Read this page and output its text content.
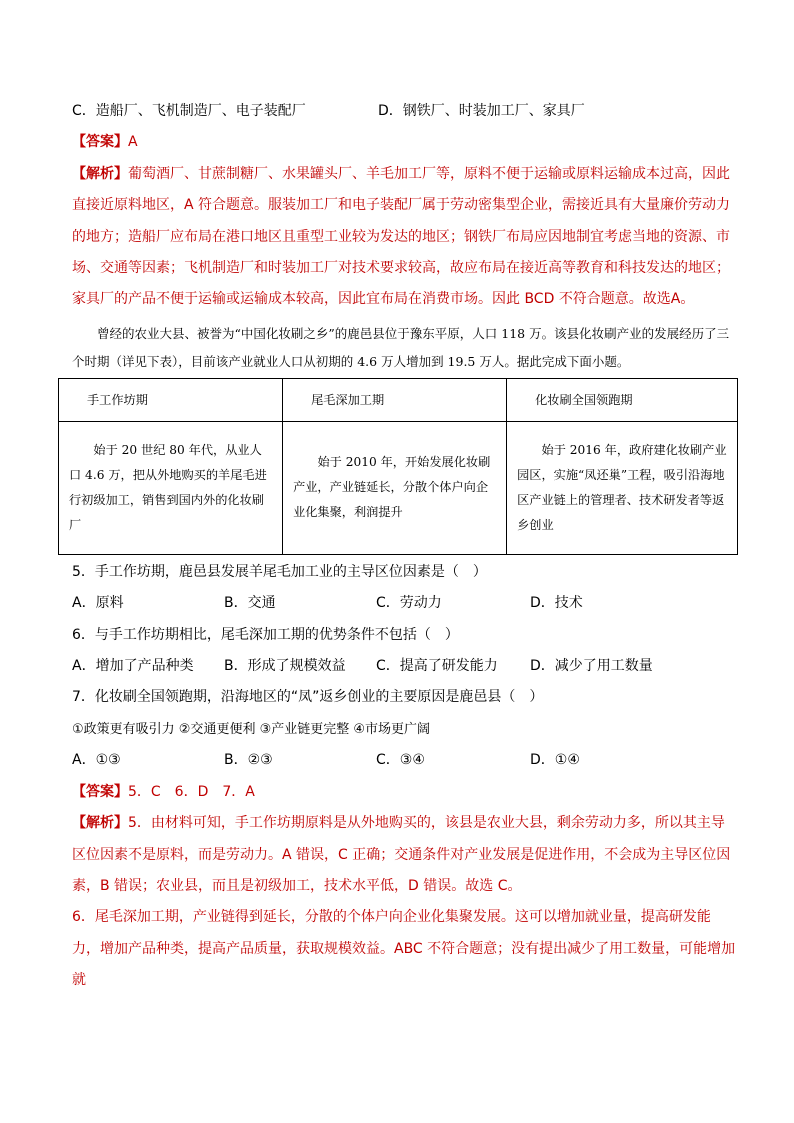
C．造船厂、飞机制造厂、电子装配厂	D．钢铁厂、时装加工厂、家具厂
【答案】A

【解析】葡萄酒厂、甘蔗制糖厂、水果罐头厂、羊毛加工厂等，原料不便于运输或原料运输成本过高，因此直接近原料地区，A 符合题意。服装加工厂和电子装配厂属于劳动密集型企业，需接近具有大量廉价劳动力的地方；造船厂应布局在港口地区且重型工业较为发达的地区；钢铁厂布局应因地制宜考虑当地的资源、市场、交通等因素；飞机制造厂和时装加工厂对技术要求较高，故应布局在接近高等教育和科技发达的地区；家具厂的产品不便于运输或运输成本较高，因此宜布局在消费市场。因此 BCD 不符合题意。故选A。

曾经的农业大县、被誉为“中国化妆刷之乡”的鹿邑县位于豫东平原，人口 118 万。该县化妆刷产业的发展经历了三个时期（详见下表），目前该产业就业人口从初期的 4.6 万人增加到 19.5 万人。据此完成下面小题。

手工作坊期	尾毛深加工期	化妆刷全国领跑期
始于 20 世纪 80 年代，从业人口 4.6 万，把从外地购买的羊尾毛进行初级加工，销售到国内外的化妆刷厂	始于 2010 年，开始发展化妆刷产业，产业链延长，分散个体户向企业化集聚，利润提升	始于 2016 年，政府建化妆刷产业园区，实施“凤还巢”工程，吸引沿海地区产业链上的管理者、技术研发者等返乡创业
5．手工作坊期，鹿邑县发展羊尾毛加工业的主导区位因素是（　）
A．原料	B．交通	C．劳动力	D．技术
6．与手工作坊期相比，尾毛深加工期的优势条件不包括（　）
A．增加了产品种类	B．形成了规模效益	C．提高了研发能力	D．减少了用工数量
7．化妆刷全国领跑期，沿海地区的“凤”返乡创业的主要原因是鹿邑县（　）
①政策更有吸引力 ②交通更便利 ③产业链更完整 ④市场更广阔
A．①③	B．②③	C．③④	D．①④
【答案】5．C　6．D　7．A

【解析】5．由材料可知，手工作坊期原料是从外地购买的，该县是农业大县，剩余劳动力多，所以其主导区位因素不是原料，而是劳动力。A 错误，C 正确；交通条件对产业发展是促进作用，不会成为主导区位因素，B 错误；农业县，而且是初级加工，技术水平低，D 错误。故选 C。

6．尾毛深加工期，产业链得到延长，分散的个体户向企业化集聚发展。这可以增加就业量，提高研发能力，增加产品种类，提高产品质量，获取规模效益。ABC 不符合题意；没有提出减少了用工数量，可能增加就
